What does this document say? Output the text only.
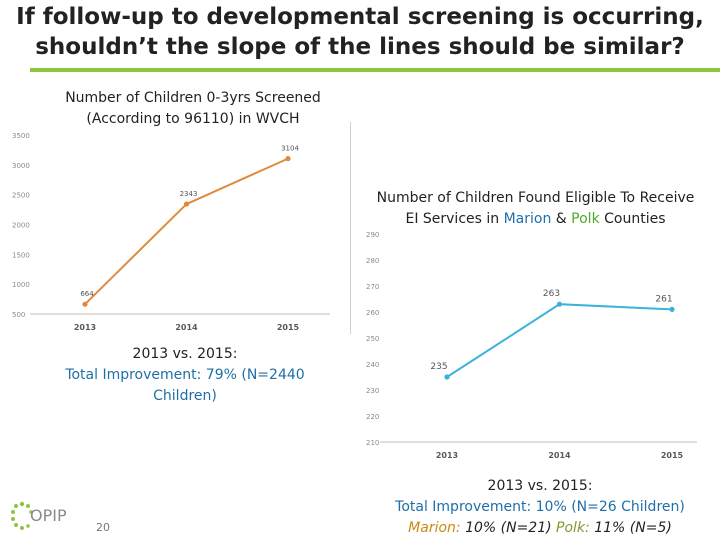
If follow-up to developmental screening is occurring,
shouldn’t the slope of the lines should be similar?
Number of Children 0-3yrs Screened
(According to 96110) in WVCH
500
1000
1500
2000
2500
3000
3500
2013	2014	2015
664
2343
3104
Number of Children Found Eligible To Receive
EI Services in Marion & Polk Counties
210
220
230
240
250
260
270
280
290
2013	2014	2015
235
263
261
2013 vs. 2015:
Total Improvement: 79% (N=2440
Children)
2013 vs. 2015:
Total Improvement: 10% (N=26 Children)
Marion: 10% (N=21) Polk: 11% (N=5)
OPIP
20
